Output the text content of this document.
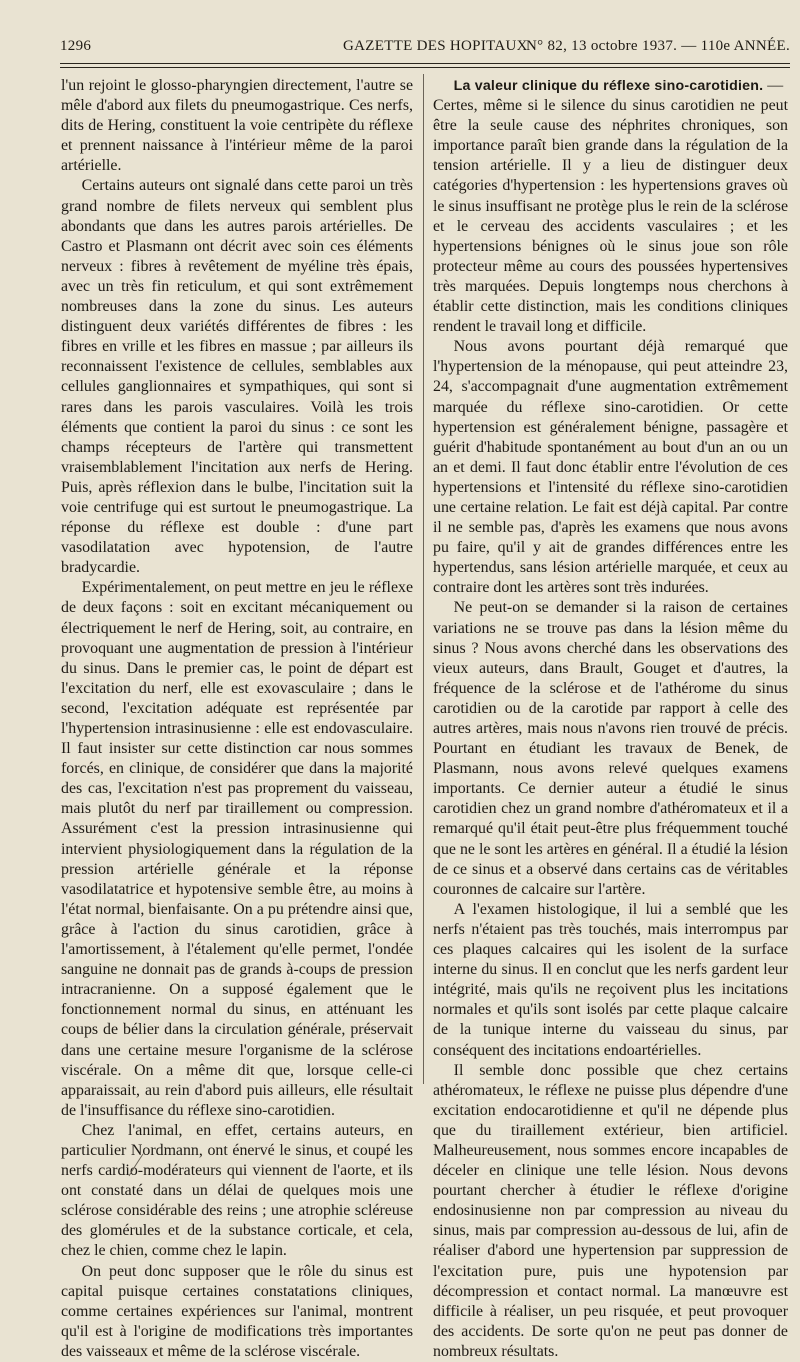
1296	GAZETTE DES HOPITAUX
N° 82, 13 octobre 1937. — 110e ANNÉE.

l'un rejoint le glosso-pharyngien directement, l'autre se mêle d'abord aux filets du pneumogastrique. Ces nerfs, dits de Hering, constituent la voie centripète du réflexe et prennent naissance à l'intérieur même de la paroi artérielle.

Certains auteurs ont signalé dans cette paroi un très grand nombre de filets nerveux qui semblent plus abondants que dans les autres parois artérielles. De Castro et Plasmann ont décrit avec soin ces éléments nerveux : fibres à revêtement de myéline très épais, avec un très fin reticulum, et qui sont extrêmement nombreuses dans la zone du sinus. Les auteurs distinguent deux variétés différentes de fibres : les fibres en vrille et les fibres en massue ; par ailleurs ils reconnaissent l'existence de cellules, semblables aux cellules ganglionnaires et sympathiques, qui sont si rares dans les parois vasculaires. Voilà les trois éléments que contient la paroi du sinus : ce sont les champs récepteurs de l'artère qui transmettent vraisemblablement l'incitation aux nerfs de Hering. Puis, après réflexion dans le bulbe, l'incitation suit la voie centrifuge qui est surtout le pneumogastrique. La réponse du réflexe est double : d'une part vasodilatation avec hypotension, de l'autre bradycardie.

Expérimentalement, on peut mettre en jeu le réflexe de deux façons : soit en excitant mécaniquement ou électriquement le nerf de Hering, soit, au contraire, en provoquant une augmentation de pression à l'intérieur du sinus. Dans le premier cas, le point de départ est l'excitation du nerf, elle est exovasculaire ; dans le second, l'excitation adéquate est représentée par l'hypertension intrasinusienne : elle est endovasculaire. Il faut insister sur cette distinction car nous sommes forcés, en clinique, de considérer que dans la majorité des cas, l'excitation n'est pas proprement du vaisseau, mais plutôt du nerf par tiraillement ou compression. Assurément c'est la pression intrasinusienne qui intervient physiologiquement dans la régulation de la pression artérielle générale et la réponse vasodilatatrice et hypotensive semble être, au moins à l'état normal, bienfaisante. On a pu prétendre ainsi que, grâce à l'action du sinus carotidien, grâce à l'amortissement, à l'étalement qu'elle permet, l'ondée sanguine ne donnait pas de grands à-coups de pression intracranienne. On a supposé également que le fonctionnement normal du sinus, en atténuant les coups de bélier dans la circulation générale, préservait dans une certaine mesure l'organisme de la sclérose viscérale. On a même dit que, lorsque celle-ci apparaissait, au rein d'abord puis ailleurs, elle résultait de l'insuffisance du réflexe sino-carotidien.

Chez l'animal, en effet, certains auteurs, en particulier Nordmann, ont énervé le sinus, et coupé les nerfs cardio-modérateurs qui viennent de l'aorte, et ils ont constaté dans un délai de quelques mois une sclérose considérable des reins ; une atrophie scléreuse des glomérules et de la substance corticale, et cela, chez le chien, comme chez le lapin.

On peut donc supposer que le rôle du sinus est capital puisque certaines constatations cliniques, comme certaines expériences sur l'animal, montrent qu'il est à l'origine de modifications très importantes des vaisseaux et même de la sclérose viscérale.

La valeur clinique du réflexe sino-carotidien. —

Certes, même si le silence du sinus carotidien ne peut être la seule cause des néphrites chroniques, son importance paraît bien grande dans la régulation de la tension artérielle. Il y a lieu de distinguer deux catégories d'hypertension : les hypertensions graves où le sinus insuffisant ne protège plus le rein de la sclérose et le cerveau des accidents vasculaires ; et les hypertensions bénignes où le sinus joue son rôle protecteur même au cours des poussées hypertensives très marquées. Depuis longtemps nous cherchons à établir cette distinction, mais les conditions cliniques rendent le travail long et difficile.

Nous avons pourtant déjà remarqué que l'hypertension de la ménopause, qui peut atteindre 23, 24, s'accompagnait d'une augmentation extrêmement marquée du réflexe sino-carotidien. Or cette hypertension est généralement bénigne, passagère et guérit d'habitude spontanément au bout d'un an ou un an et demi. Il faut donc établir entre l'évolution de ces hypertensions et l'intensité du réflexe sino-carotidien une certaine relation. Le fait est déjà capital. Par contre il ne semble pas, d'après les examens que nous avons pu faire, qu'il y ait de grandes différences entre les hypertendus, sans lésion artérielle marquée, et ceux au contraire dont les artères sont très indurées.

Ne peut-on se demander si la raison de certaines variations ne se trouve pas dans la lésion même du sinus ? Nous avons cherché dans les observations des vieux auteurs, dans Brault, Gouget et d'autres, la fréquence de la sclérose et de l'athérome du sinus carotidien ou de la carotide par rapport à celle des autres artères, mais nous n'avons rien trouvé de précis. Pourtant en étudiant les travaux de Benek, de Plasmann, nous avons relevé quelques examens importants. Ce dernier auteur a étudié le sinus carotidien chez un grand nombre d'athéromateux et il a remarqué qu'il était peut-être plus fréquemment touché que ne le sont les artères en général. Il a étudié la lésion de ce sinus et a observé dans certains cas de véritables couronnes de calcaire sur l'artère.

A l'examen histologique, il lui a semblé que les nerfs n'étaient pas très touchés, mais interrompus par ces plaques calcaires qui les isolent de la surface interne du sinus. Il en conclut que les nerfs gardent leur intégrité, mais qu'ils ne reçoivent plus les incitations normales et qu'ils sont isolés par cette plaque calcaire de la tunique interne du vaisseau du sinus, par conséquent des incitations endoartérielles.

Il semble donc possible que chez certains athéromateux, le réflexe ne puisse plus dépendre d'une excitation endocarotidienne et qu'il ne dépende plus que du tiraillement extérieur, bien artificiel. Malheureusement, nous sommes encore incapables de déceler en clinique une telle lésion. Nous devons pourtant chercher à étudier le réflexe d'origine endosinusienne non par compression au niveau du sinus, mais par compression au-dessous de lui, afin de réaliser d'abord une hypertension par suppression de l'excitation pure, puis une hypotension par décompression et contact normal. La manœuvre est difficile à réaliser, un peu risquée, et peut provoquer des accidents. De sorte qu'on ne peut pas donner de nombreux résultats.
